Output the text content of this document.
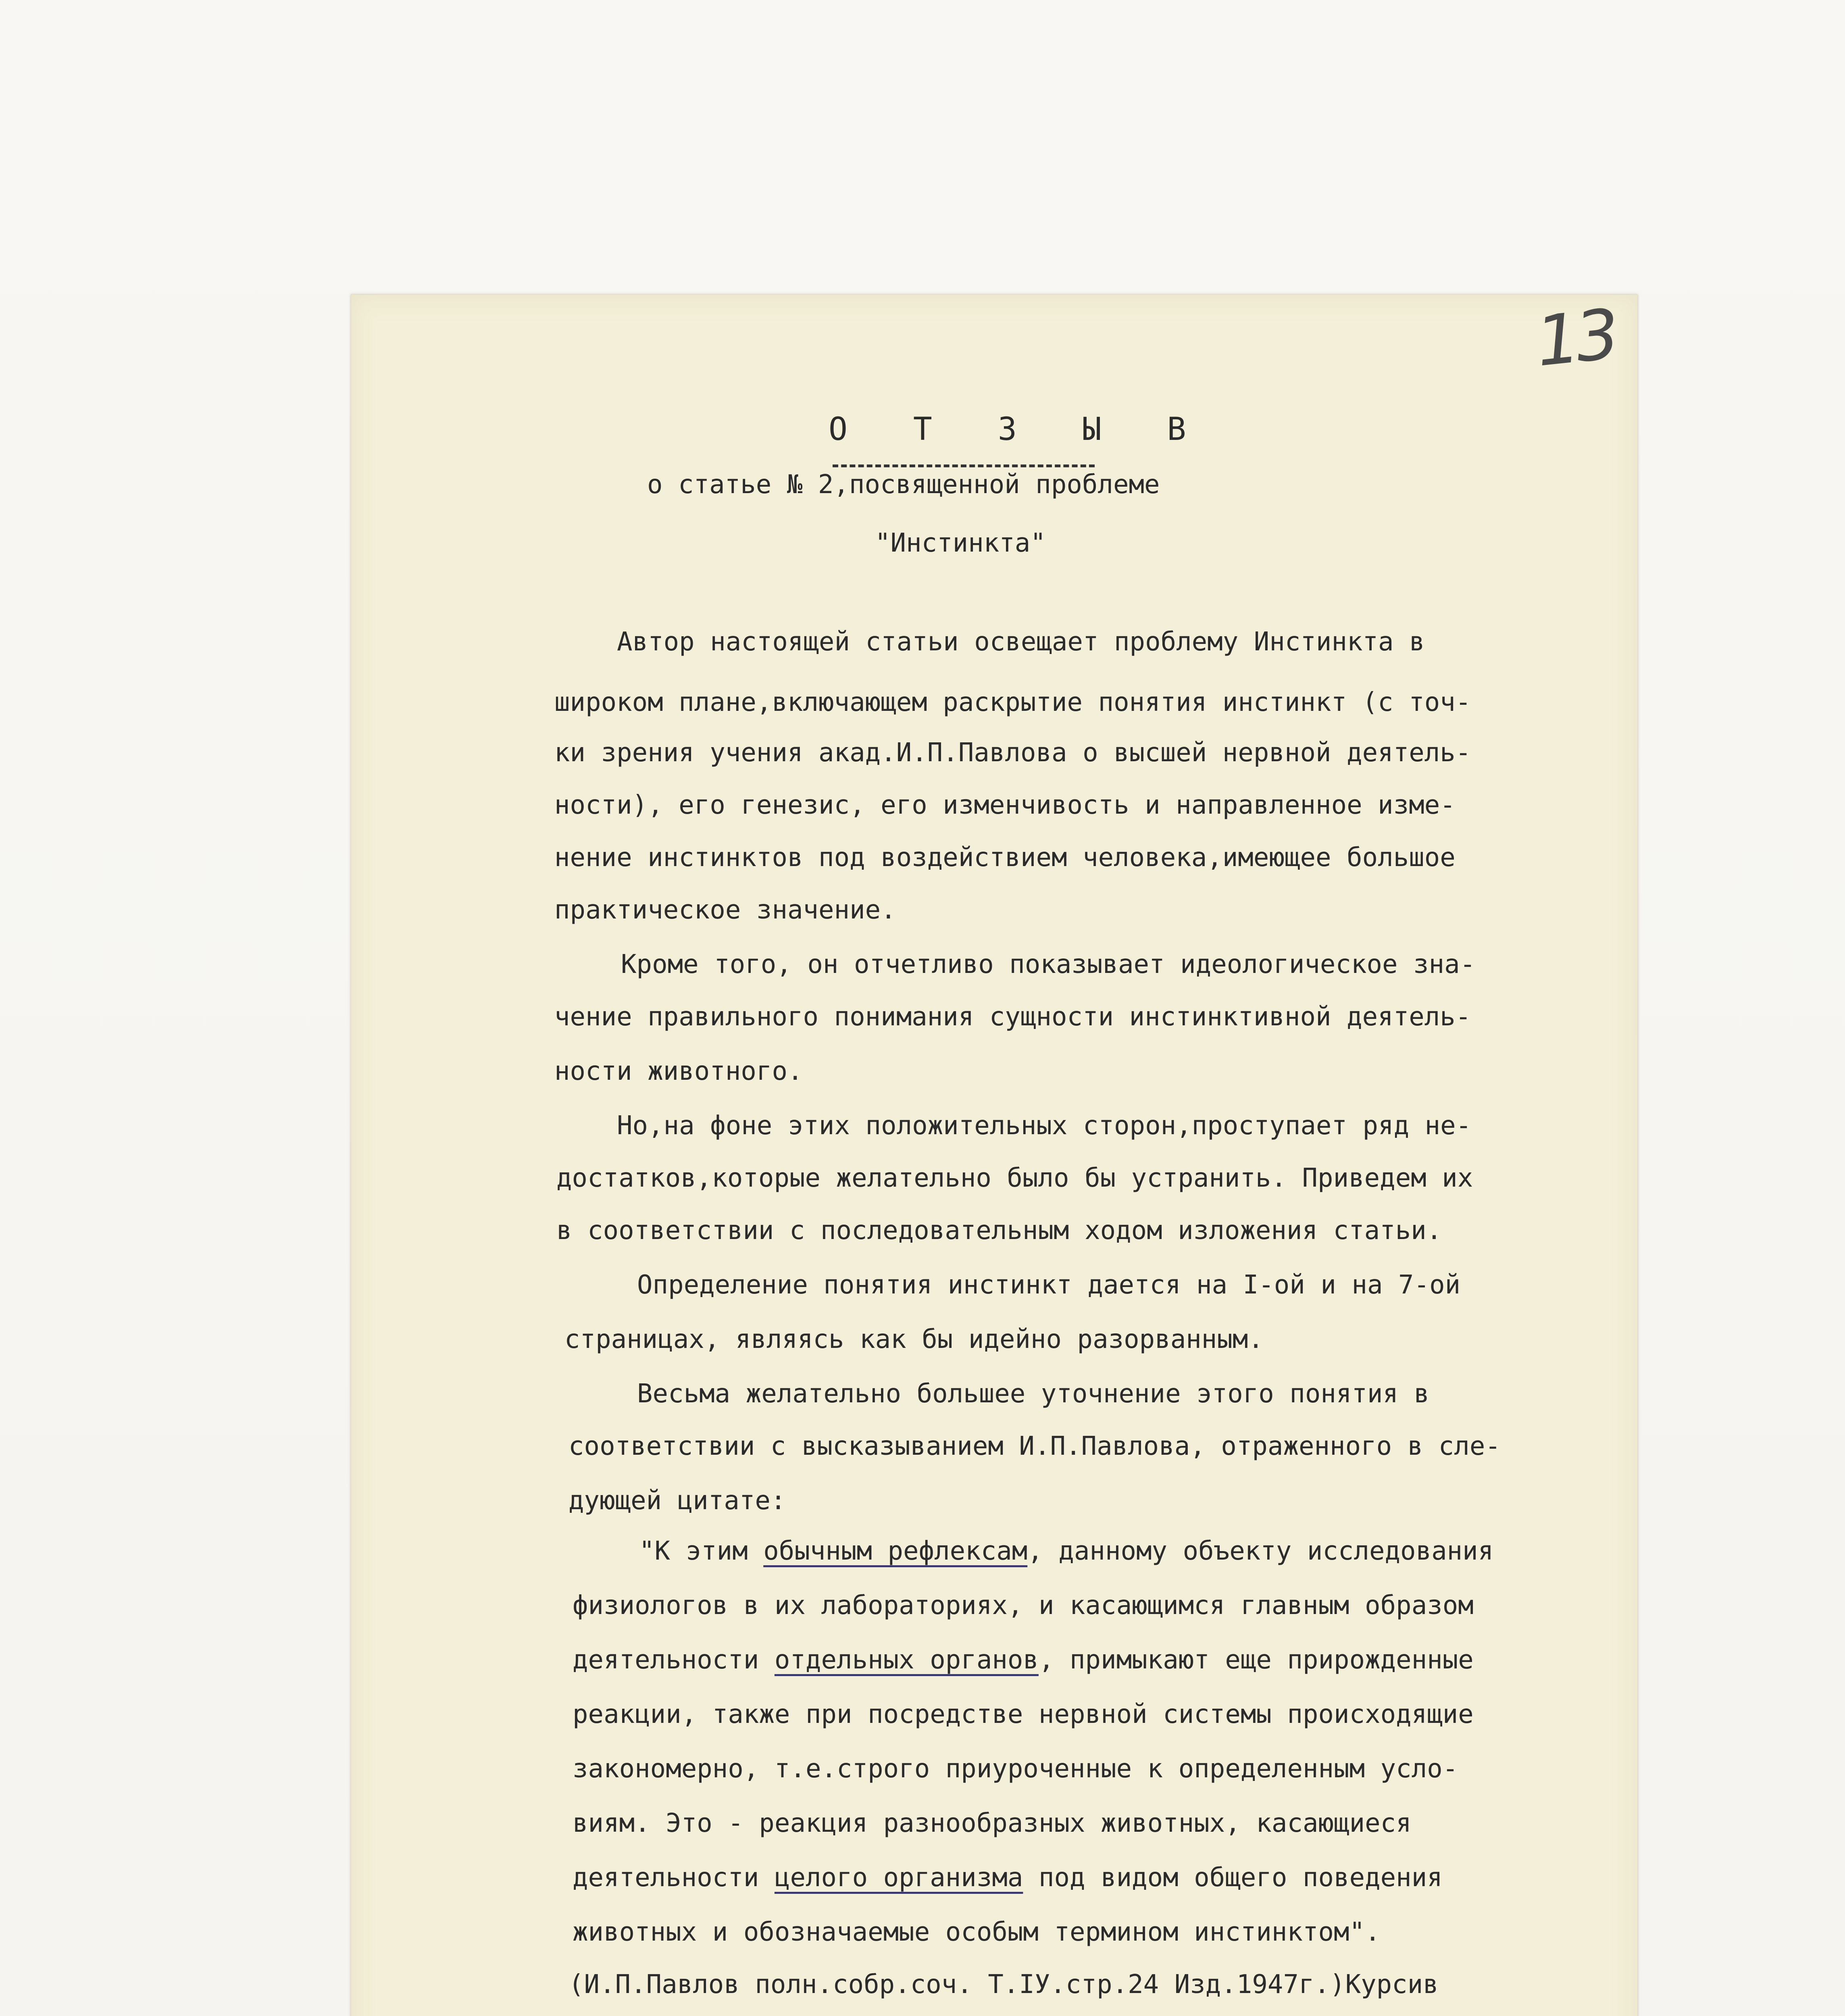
13
О Т З Ы В

о статье № 2,посвященной проблеме

"Инстинкта"

Автор настоящей статьи освещает проблему Инстинкта в

широком плане,включающем раскрытие понятия инстинкт (с точ-

ки зрения учения акад.И.П.Павлова о высшей нервной деятель-

ности), его генезис, его изменчивость и направленное изме-

нение инстинктов под воздействием человека,имеющее большое

практическое значение.

Кроме того, он отчетливо показывает идеологическое зна-

чение правильного понимания сущности инстинктивной деятель-

ности животного.

Но,на фоне этих положительных сторон,проступает ряд не-

достатков,которые желательно было бы устранить. Приведем их

в соответствии с последовательным ходом изложения статьи.

Определение понятия инстинкт дается на I-ой и на 7-ой

страницах, являясь как бы идейно разорванным.

Весьма желательно большее уточнение этого понятия в

соответствии с высказыванием И.П.Павлова, отраженного в сле-

дующей цитате:

"К этим обычным рефлексам, данному объекту исследования

физиологов в их лабораториях, и касающимся главным образом

деятельности отдельных органов, примыкают еще прирожденные

реакции, также при посредстве нервной системы происходящие

закономерно, т.е.строго приуроченные к определенным усло-

виям. Это - реакция разнообразных животных, касающиеся

деятельности целого организма под видом общего поведения

животных и обозначаемые особым термином инстинктом".

(И.П.Павлов полн.собр.соч. Т.IУ.стр.24 Изд.1947г.)Курсив
